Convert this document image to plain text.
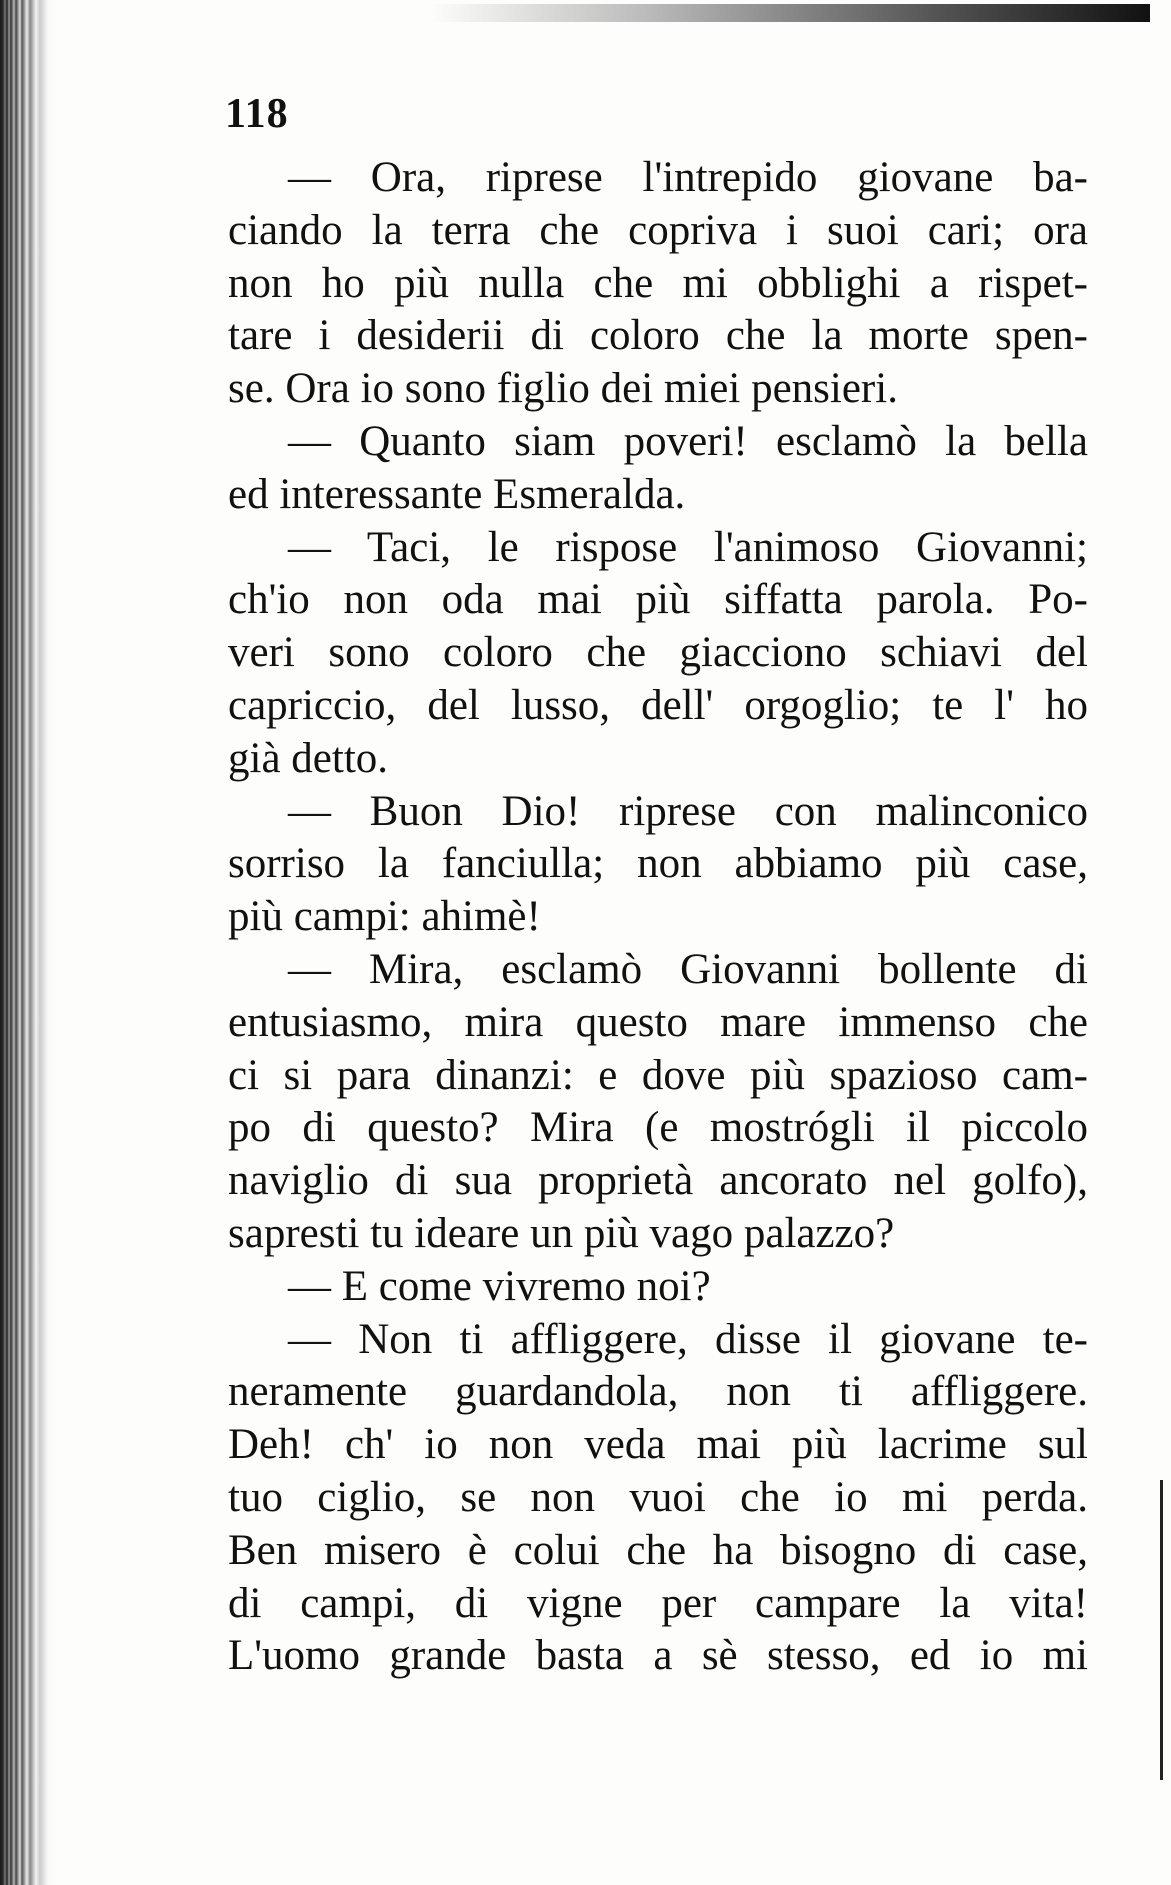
118
— Ora, riprese l'intrepido giovane ba-
ciando la terra che copriva i suoi cari; ora
non ho più nulla che mi obblighi a rispet-
tare i desiderii di coloro che la morte spen-
se. Ora io sono figlio dei miei pensieri.
— Quanto siam poveri! esclamò la bella
ed interessante Esmeralda.
— Taci, le rispose l'animoso Giovanni;
ch'io non oda mai più siffatta parola. Po-
veri sono coloro che giacciono schiavi del
capriccio, del lusso, dell' orgoglio; te l' ho
già detto.
— Buon Dio! riprese con malinconico
sorriso la fanciulla; non abbiamo più case,
più campi: ahimè!
— Mira, esclamò Giovanni bollente di
entusiasmo, mira questo mare immenso che
ci si para dinanzi: e dove più spazioso cam-
po di questo? Mira (e mostrógli il piccolo
naviglio di sua proprietà ancorato nel golfo),
sapresti tu ideare un più vago palazzo?
— E come vivremo noi?
— Non ti affliggere, disse il giovane te-
neramente guardandola, non ti affliggere.
Deh! ch' io non veda mai più lacrime sul
tuo ciglio, se non vuoi che io mi perda.
Ben misero è colui che ha bisogno di case,
di campi, di vigne per campare la vita!
L'uomo grande basta a sè stesso, ed io mi
